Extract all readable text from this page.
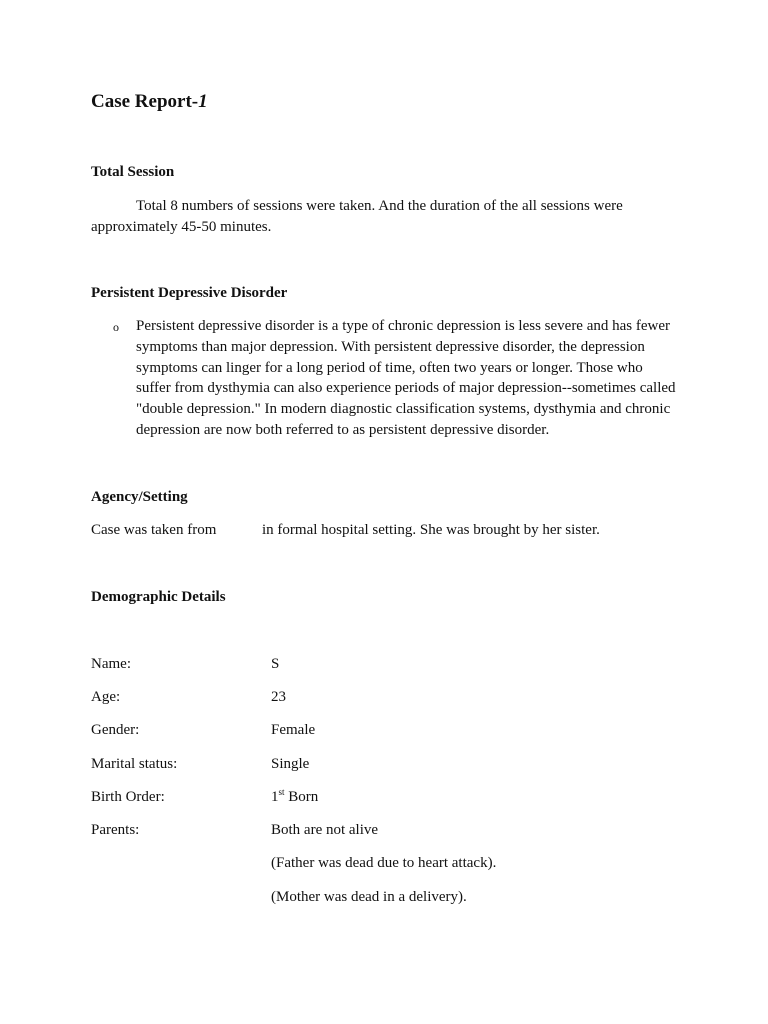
Case Report-1
Total Session

Total 8 numbers of sessions were taken. And the duration of the all sessions were approximately 45-50 minutes.

Persistent Depressive Disorder
o Persistent depressive disorder is a type of chronic depression is less severe and has fewer symptoms than major depression. With persistent depressive disorder, the depression symptoms can linger for a long period of time, often two years or longer. Those who suffer from dysthymia can also experience periods of major depression--sometimes called "double depression." In modern diagnostic classification systems, dysthymia and chronic depression are now both referred to as persistent depressive disorder.

Agency/Setting

Case was taken from	in formal hospital setting. She was brought by her sister.

Demographic Details
Name:	S
Age:	23
Gender:	Female
Marital status:	Single
Birth Order:	1st Born
Parents:	Both are not alive
(Father was dead due to heart attack).
(Mother was dead in a delivery).
